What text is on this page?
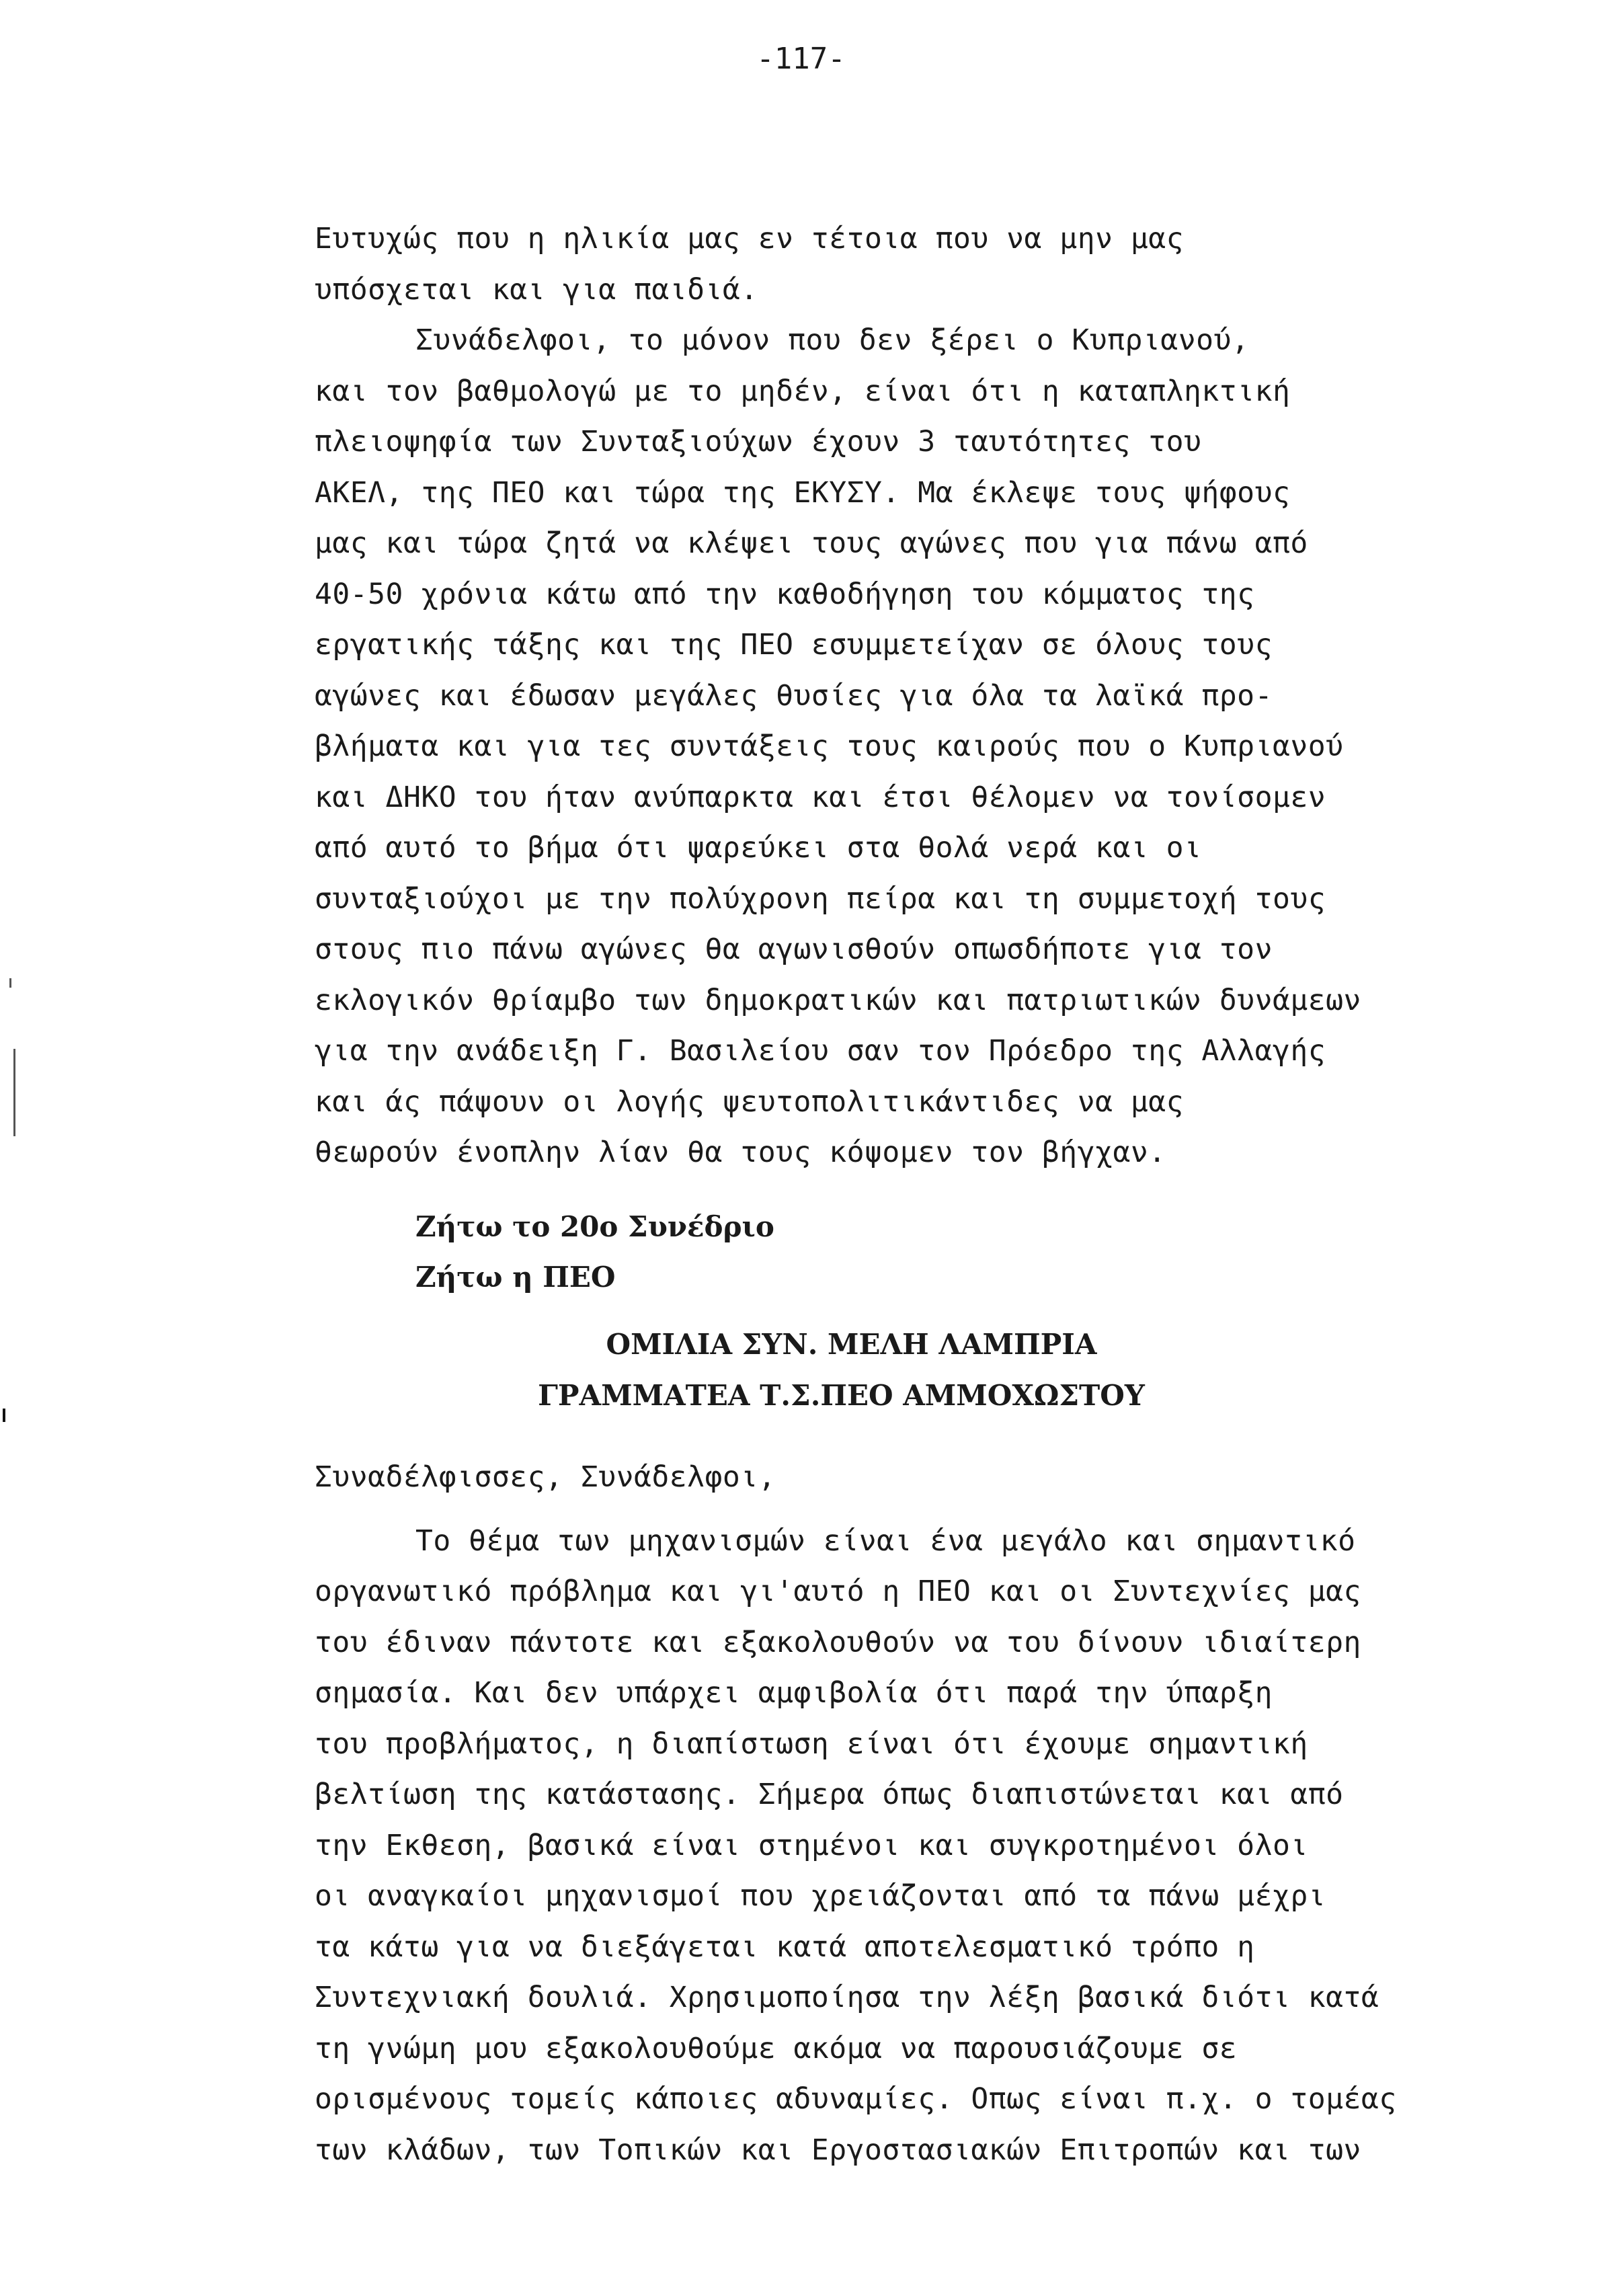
-117-
Ευτυχώς που η ηλικία μας εν τέτοια που να μην μας
υπόσχεται και για παιδιά.
Συνάδελφοι, το μόνον που δεν ξέρει ο Κυπριανού,
και τον βαθμολογώ με το μηδέν, είναι ότι η καταπληκτική
πλειοψηφία των Συνταξιούχων έχουν 3 ταυτότητες του
ΑΚΕΛ, της ΠΕΟ και τώρα της ΕΚΥΣΥ. Μα έκλεψε τους ψήφους
μας και τώρα ζητά να κλέψει τους αγώνες που για πάνω από
40-50 χρόνια κάτω από την καθοδήγηση του κόμματος της
εργατικής τάξης και της ΠΕΟ εσυμμετείχαν σε όλους τους
αγώνες και έδωσαν μεγάλες θυσίες για όλα τα λαϊκά προ-
βλήματα και για τες συντάξεις τους καιρούς που ο Κυπριανού
και ΔΗΚΟ του ήταν ανύπαρκτα και έτσι θέλομεν να τονίσομεν
από αυτό το βήμα ότι ψαρεύκει στα θολά νερά και οι
συνταξιούχοι με την πολύχρονη πείρα και τη συμμετοχή τους
στους πιο πάνω αγώνες θα αγωνισθούν οπωσδήποτε για τον
εκλογικόν θρίαμβο των δημοκρατικών και πατριωτικών δυνάμεων
για την ανάδειξη Γ. Βασιλείου σαν τον Πρόεδρο της Αλλαγής
και άς πάψουν οι λογής ψευτοπολιτικάντιδες να μας
θεωρούν ένοπλην λίαν θα τους κόψομεν τον βήγχαν.
Ζήτω το 20ο Συνέδριο
Ζήτω η ΠΕΟ
ΟΜΙΛΙΑ ΣΥΝ. ΜΕΛΗ ΛΑΜΠΡΙΑ
ΓΡΑΜΜΑΤΕΑ Τ.Σ.ΠΕΟ ΑΜΜΟΧΩΣΤΟΥ
Συναδέλφισσες, Συνάδελφοι,
Το θέμα των μηχανισμών είναι ένα μεγάλο και σημαντικό
οργανωτικό πρόβλημα και γι'αυτό η ΠΕΟ και οι Συντεχνίες μας
του έδιναν πάντοτε και εξακολουθούν να του δίνουν ιδιαίτερη
σημασία. Και δεν υπάρχει αμφιβολία ότι παρά την ύπαρξη
του προβλήματος, η διαπίστωση είναι ότι έχουμε σημαντική
βελτίωση της κατάστασης. Σήμερα όπως διαπιστώνεται και από
την Εκθεση, βασικά είναι στημένοι και συγκροτημένοι όλοι
οι αναγκαίοι μηχανισμοί που χρειάζονται από τα πάνω μέχρι
τα κάτω για να διεξάγεται κατά αποτελεσματικό τρόπο η
Συντεχνιακή δουλιά. Χρησιμοποίησα την λέξη βασικά διότι κατά
τη γνώμη μου εξακολουθούμε ακόμα να παρουσιάζουμε σε
ορισμένους τομείς κάποιες αδυναμίες. Οπως είναι π.χ. ο τομέας
των κλάδων, των Τοπικών και Εργοστασιακών Επιτροπών και των
